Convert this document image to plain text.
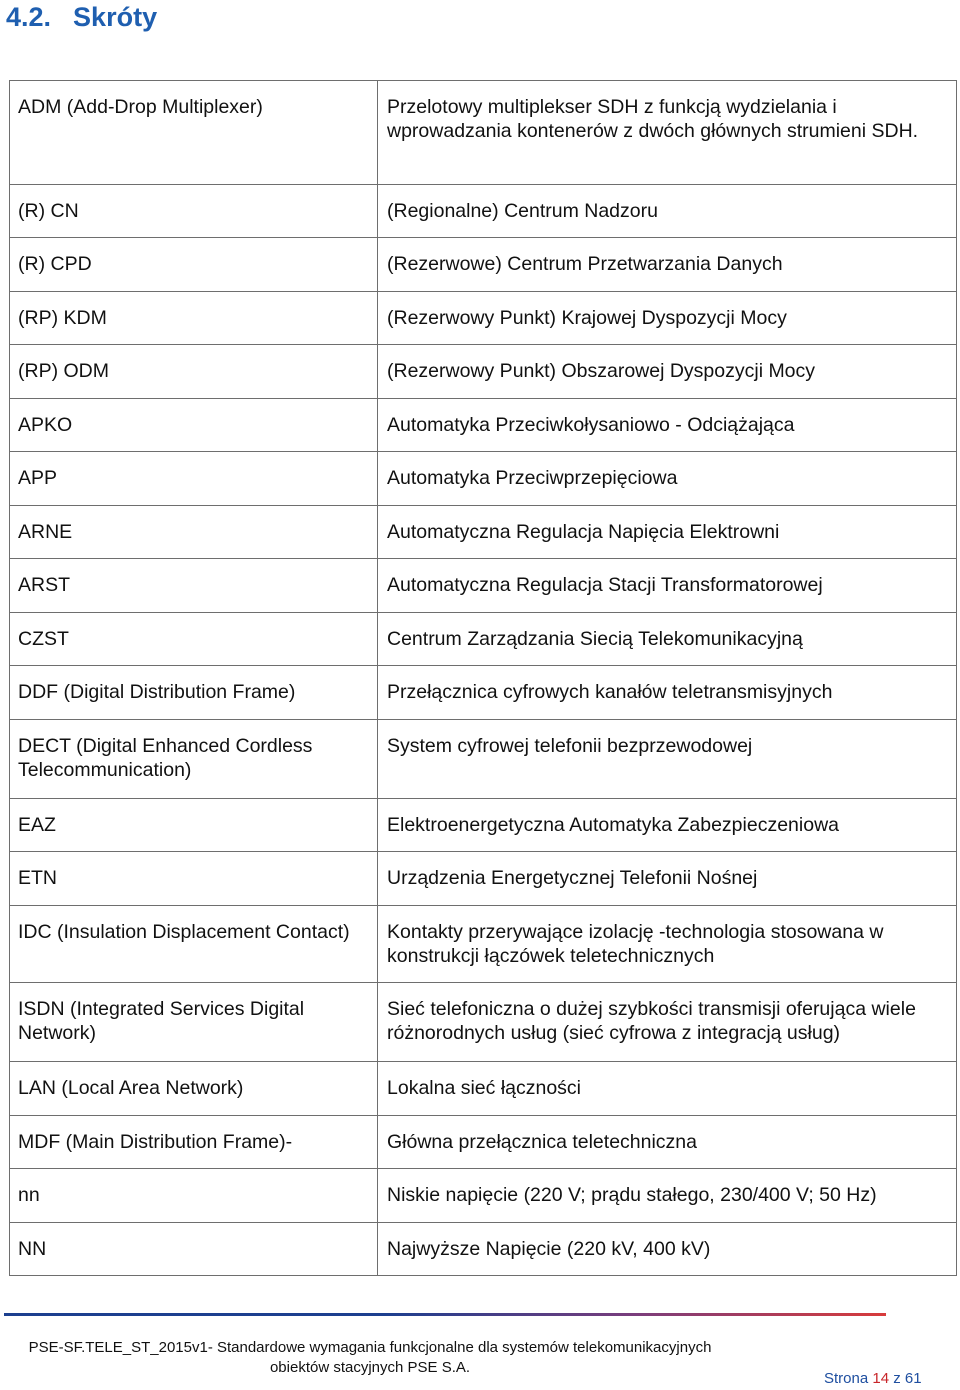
4.2. Skróty
ADM (Add-Drop Multiplexer)	Przelotowy multiplekser SDH z funkcją wydzielania i wprowadzania kontenerów z dwóch głównych strumieni SDH.
(R) CN	(Regionalne) Centrum Nadzoru
(R) CPD	(Rezerwowe) Centrum Przetwarzania Danych
(RP) KDM	(Rezerwowy Punkt) Krajowej Dyspozycji Mocy
(RP) ODM	(Rezerwowy Punkt) Obszarowej Dyspozycji Mocy
APKO	Automatyka Przeciwkołysaniowo - Odciążająca
APP	Automatyka Przeciwprzepięciowa
ARNE	Automatyczna Regulacja Napięcia Elektrowni
ARST	Automatyczna Regulacja Stacji Transformatorowej
CZST	Centrum Zarządzania Siecią Telekomunikacyjną
DDF (Digital Distribution Frame)	Przełącznica cyfrowych kanałów teletransmisyjnych
DECT (Digital Enhanced Cordless Telecommunication)	System cyfrowej telefonii bezprzewodowej
EAZ	Elektroenergetyczna Automatyka Zabezpieczeniowa
ETN	Urządzenia Energetycznej Telefonii Nośnej
IDC (Insulation Displacement Contact)	Kontakty przerywające izolację -technologia stosowana w konstrukcji łączówek teletechnicznych
ISDN (Integrated Services Digital Network)	Sieć telefoniczna o dużej szybkości transmisji oferująca wiele różnorodnych usług (sieć cyfrowa z integracją usług)
LAN (Local Area Network)	Lokalna sieć łączności
MDF (Main Distribution Frame)-	Główna przełącznica teletechniczna
nn	Niskie napięcie (220 V; prądu stałego, 230/400 V; 50 Hz)
NN	Najwyższe Napięcie (220 kV, 400 kV)
PSE-SF.TELE_ST_2015v1- Standardowe wymagania funkcjonalne dla systemów telekomunikacyjnych
obiektów stacyjnych PSE S.A.
Strona 14 z 61
